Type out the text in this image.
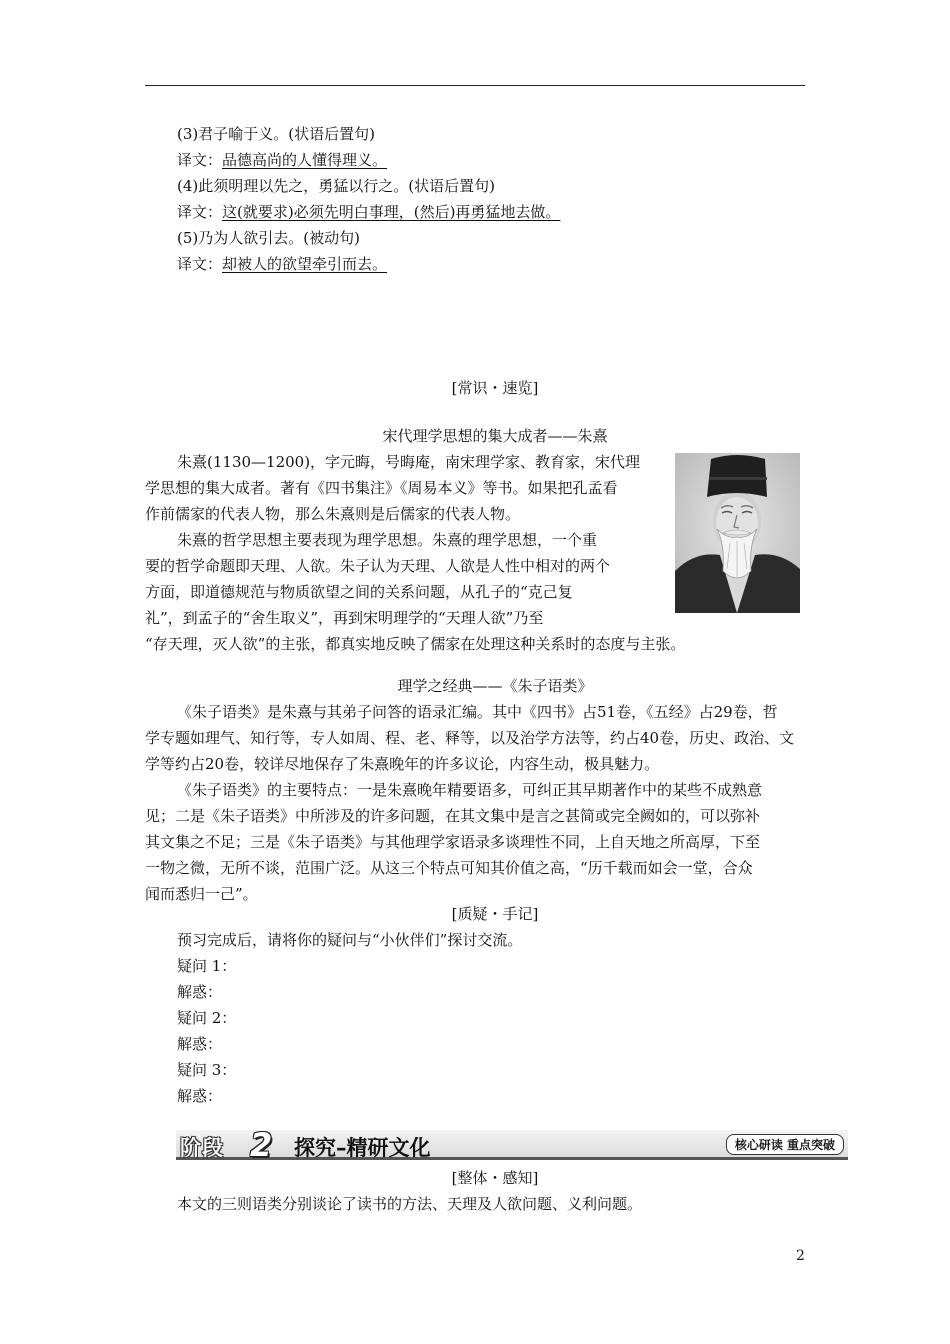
(3)君子喻于义。(状语后置句)
译文：品德高尚的人懂得理义。
(4)此须明理以先之，勇猛以行之。(状语后置句)
译文：这(就要求)必须先明白事理，(然后)再勇猛地去做。
(5)乃为人欲引去。(被动句)
译文：却被人的欲望牵引而去。
[常识・速览]
宋代理学思想的集大成者——朱熹
朱熹(1130—1200)，字元晦，号晦庵，南宋理学家、教育家，宋代理
学思想的集大成者。著有《四书集注》《周易本义》等书。如果把孔孟看
作前儒家的代表人物，那么朱熹则是后儒家的代表人物。
朱熹的哲学思想主要表现为理学思想。朱熹的理学思想，一个重
要的哲学命题即天理、人欲。朱子认为天理、人欲是人性中相对的两个
方面，即道德规范与物质欲望之间的关系问题，从孔子的“克己复
礼”，到孟子的“舍生取义”，再到宋明理学的“天理人欲”乃至
“存天理，灭人欲”的主张，都真实地反映了儒家在处理这种关系时的态度与主张。
理学之经典——《朱子语类》
《朱子语类》是朱熹与其弟子问答的语录汇编。其中《四书》占51卷，《五经》占29卷，哲
学专题如理气、知行等，专人如周、程、老、释等，以及治学方法等，约占40卷，历史、政治、文
学等约占20卷，较详尽地保存了朱熹晚年的许多议论，内容生动，极具魅力。
《朱子语类》的主要特点：一是朱熹晚年精要语多，可纠正其早期著作中的某些不成熟意
见；二是《朱子语类》中所涉及的许多问题，在其文集中是言之甚简或完全阙如的，可以弥补
其文集之不足；三是《朱子语类》与其他理学家语录多谈理性不同，上自天地之所高厚，下至
一物之微，无所不谈，范围广泛。从这三个特点可知其价值之高，“历千载而如会一堂，合众
闻而悉归一己”。
[质疑・手记]
预习完成后，请将你的疑问与“小伙伴们”探讨交流。
疑问 1：
解惑：
疑问 2：
解惑：
疑问 3：
解惑：
阶段 2 探究–精研文化	核心研读 重点突破
[整体・感知]
本文的三则语类分别谈论了读书的方法、天理及人欲问题、义利问题。
2
